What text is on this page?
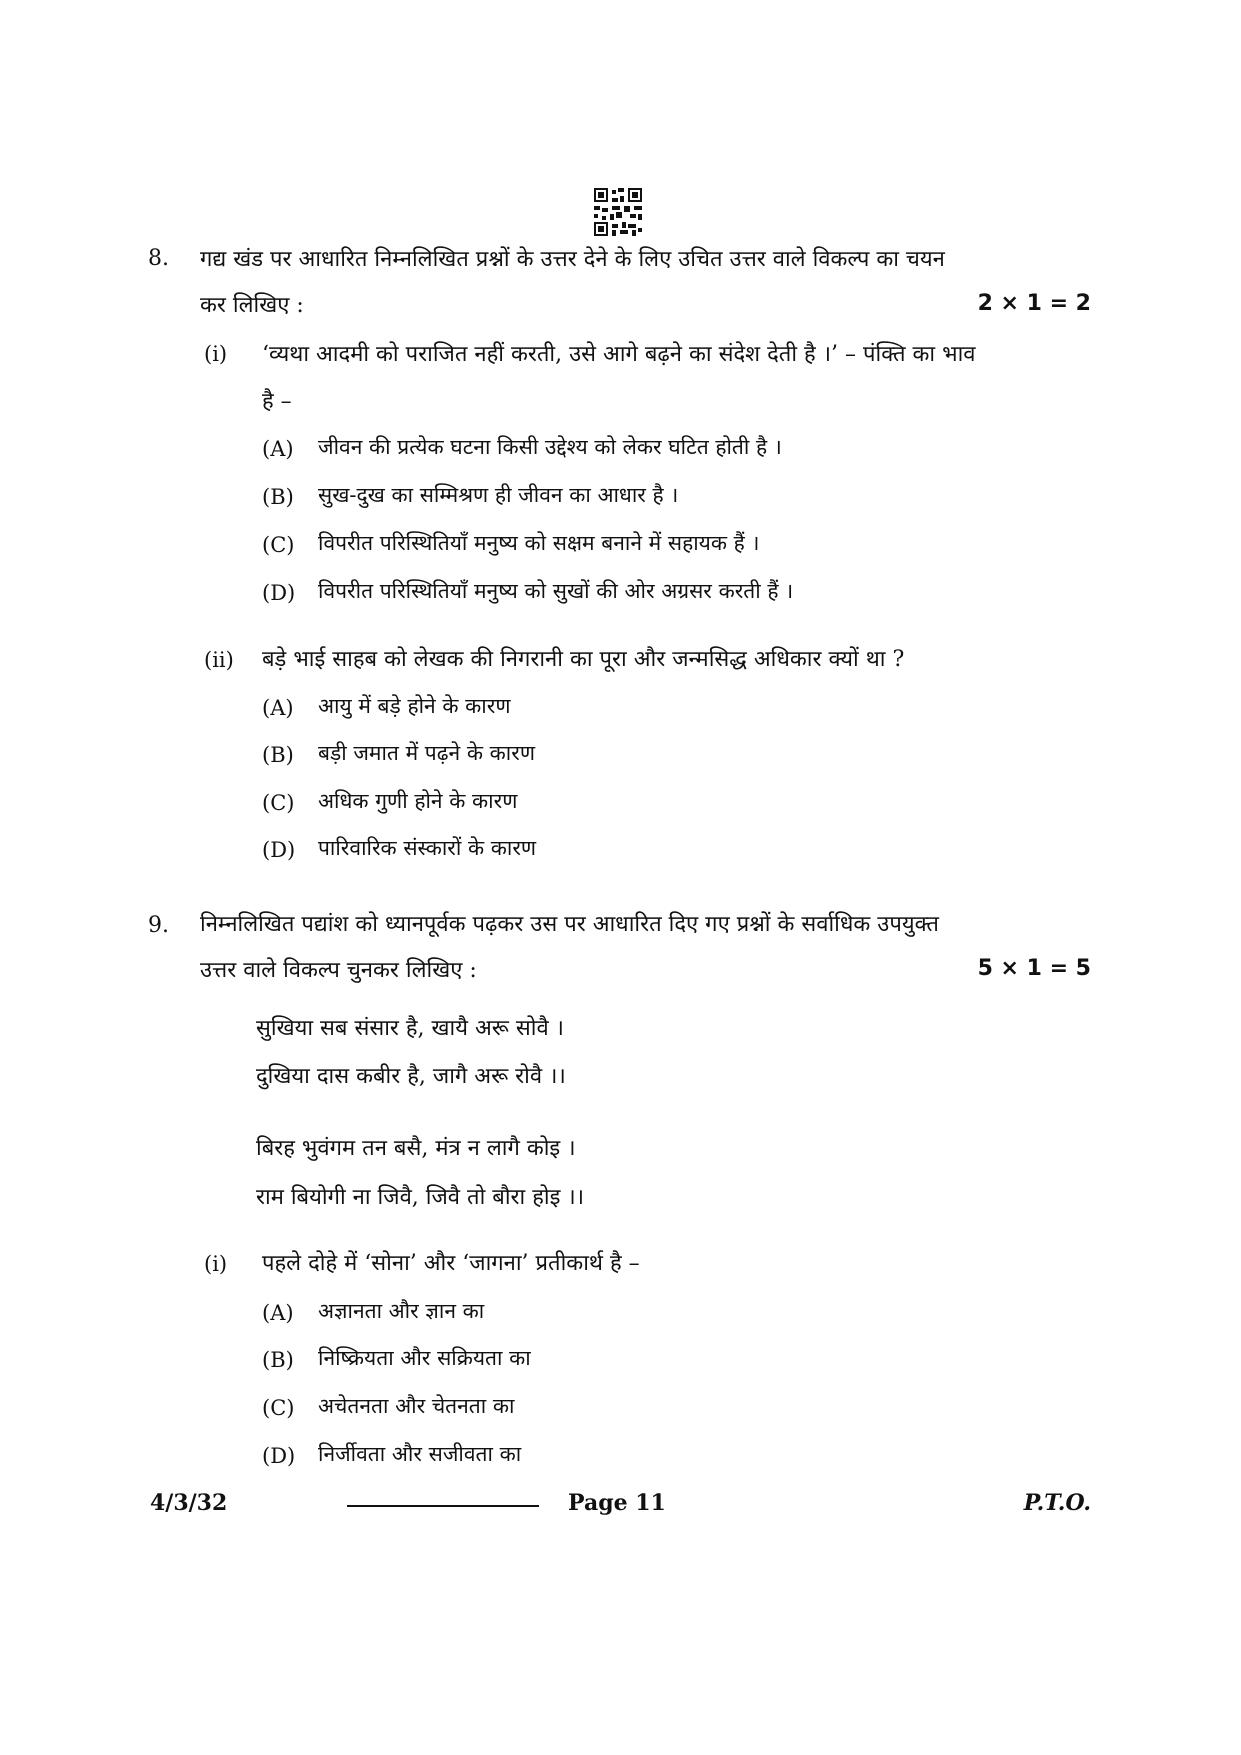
8. गद्य खंड पर आधारित निम्नलिखित प्रश्नों के उत्तर देने के लिए उचित उत्तर वाले विकल्प का चयन
कर लिखिए :	2 × 1 = 2
(i) ‘व्यथा आदमी को पराजित नहीं करती, उसे आगे बढ़ने का संदेश देती है ।’ – पंक्ति का भाव
है –
(A) जीवन की प्रत्येक घटना किसी उद्देश्य को लेकर घटित होती है ।
(B) सुख-दुख का सम्मिश्रण ही जीवन का आधार है ।
(C) विपरीत परिस्थितियाँ मनुष्य को सक्षम बनाने में सहायक हैं ।
(D) विपरीत परिस्थितियाँ मनुष्य को सुखों की ओर अग्रसर करती हैं ।
(ii) बड़े भाई साहब को लेखक की निगरानी का पूरा और जन्मसिद्ध अधिकार क्यों था ?
(A) आयु में बड़े होने के कारण
(B) बड़ी जमात में पढ़ने के कारण
(C) अधिक गुणी होने के कारण
(D) पारिवारिक संस्कारों के कारण
9. निम्नलिखित पद्यांश को ध्यानपूर्वक पढ़कर उस पर आधारित दिए गए प्रश्नों के सर्वाधिक उपयुक्त
उत्तर वाले विकल्प चुनकर लिखिए :	5 × 1 = 5
सुखिया सब संसार है, खायै अरू सोवै ।
दुखिया दास कबीर है, जागै अरू रोवै ।।
बिरह भुवंगम तन बसै, मंत्र न लागै कोइ ।
राम बियोगी ना जिवै, जिवै तो बौरा होइ ।।
(i) पहले दोहे में ‘सोना’ और ‘जागना’ प्रतीकार्थ है –
(A) अज्ञानता और ज्ञान का
(B) निष्क्रियता और सक्रियता का
(C) अचेतनता और चेतनता का
(D) निर्जीवता और सजीवता का
4/3/32	Page 11	P.T.O.
